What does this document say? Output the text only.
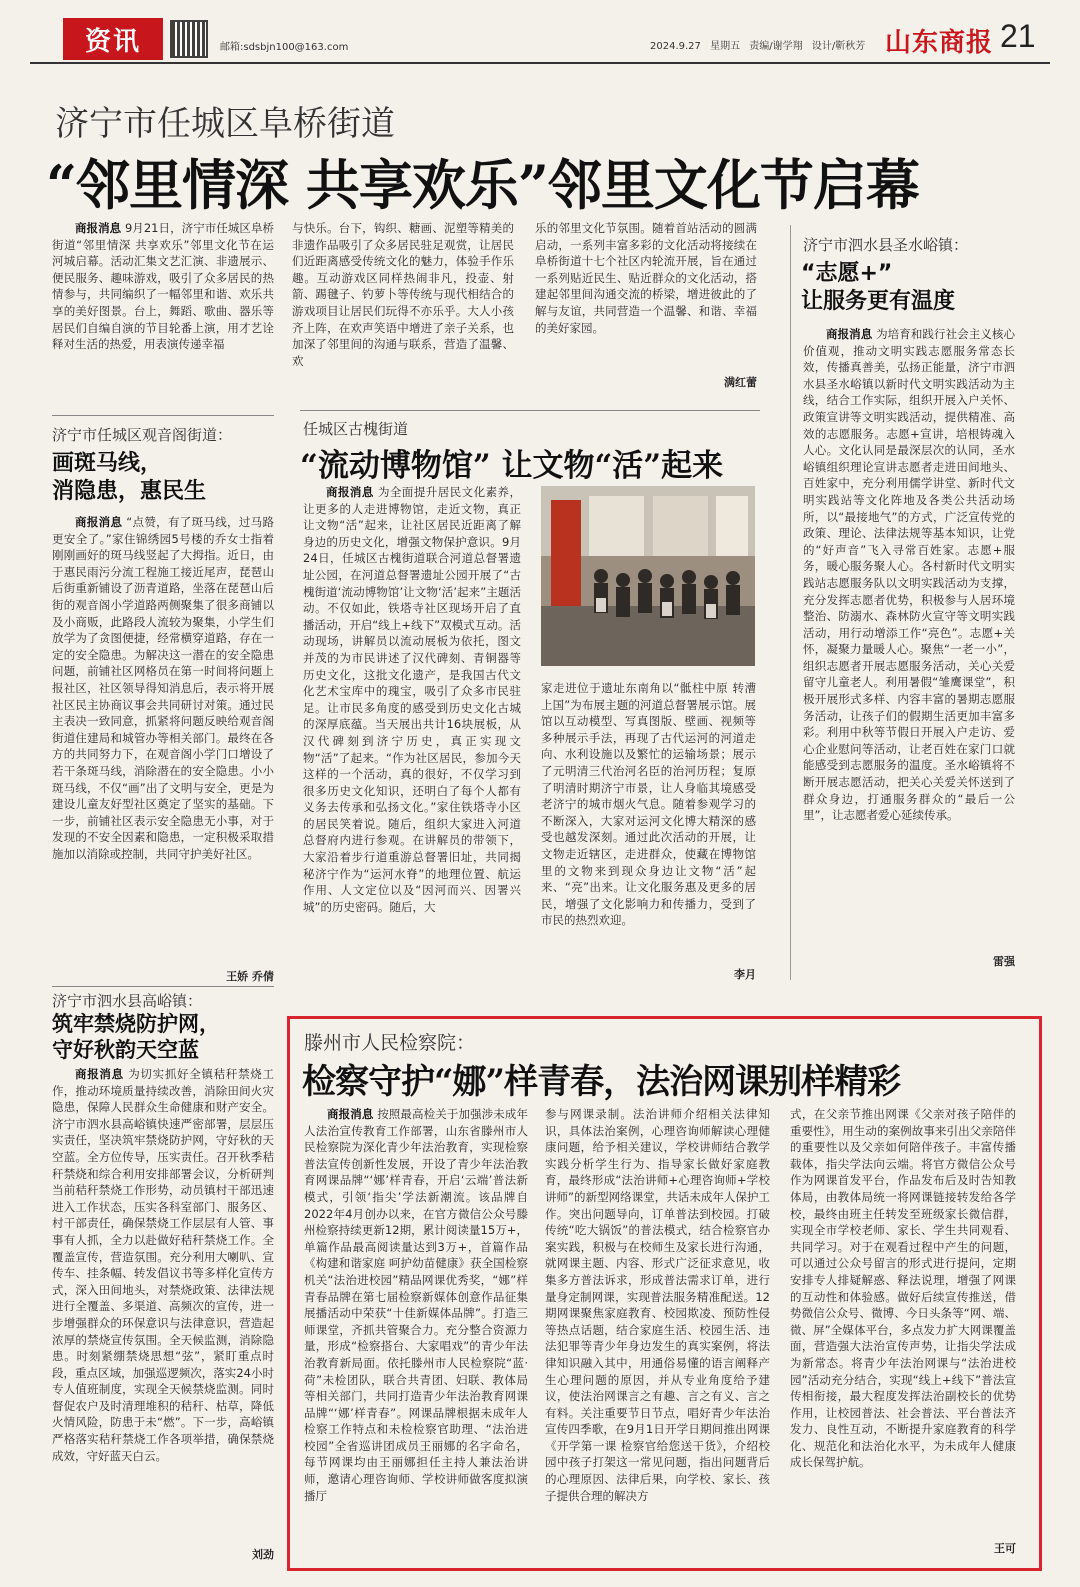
资讯	邮箱:sdsbjn100@163.com	2024.9.27 星期五 责编/谢学翔 设计/靳秋芳 山东商报 21
济宁市任城区阜桥街道
“邻里情深 共享欢乐”邻里文化节启幕

商报消息 9月21日，济宁市任城区阜桥街道“邻里情深 共享欢乐”邻里文化节在运河城启幕。活动汇集文艺汇演、非遗展示、便民服务、趣味游戏，吸引了众多居民的热情参与，共同编织了一幅邻里和谐、欢乐共享的美好图景。台上，舞蹈、歌曲、器乐等居民们自编自演的节目轮番上演，用才艺诠释对生活的热爱，用表演传递幸福

与快乐。台下，钩织、糖画、泥塑等精美的非遗作品吸引了众多居民驻足观赏，让居民们近距离感受传统文化的魅力，体验手作乐趣。互动游戏区同样热闹非凡，投壶、射箭、踢毽子、钓萝卜等传统与现代相结合的游戏项目让居民们玩得不亦乐乎。大人小孩齐上阵，在欢声笑语中增进了亲子关系，也加深了邻里间的沟通与联系，营造了温馨、欢
乐的邻里文化节氛围。随着首站活动的圆满启动，一系列丰富多彩的文化活动将接续在阜桥街道十七个社区内轮流开展，旨在通过一系列贴近民生、贴近群众的文化活动，搭建起邻里间沟通交流的桥梁，增进彼此的了解与友谊，共同营造一个温馨、和谐、幸福的美好家园。
满红蕾
济宁市泗水县圣水峪镇：
“志愿+”
让服务更有温度

商报消息 为培育和践行社会主义核心价值观，推动文明实践志愿服务常态长效，传播真善美，弘扬正能量，济宁市泗水县圣水峪镇以新时代文明实践活动为主线，结合工作实际，组织开展入户关怀、政策宣讲等文明实践活动，提供精准、高效的志愿服务。志愿+宣讲，培根铸魂入人心。文化认同是最深层次的认同，圣水峪镇组织理论宣讲志愿者走进田间地头、百姓家中，充分利用儒学讲堂、新时代文明实践站等文化阵地及各类公共活动场所，以“最接地气”的方式，广泛宣传党的政策、理论、法律法规等基本知识，让党的“好声音”飞入寻常百姓家。志愿+服务，暖心服务聚人心。各村新时代文明实践站志愿服务队以文明实践活动为支撑，充分发挥志愿者优势，积极参与人居环境整治、防溺水、森林防火宣守等文明实践活动，用行动增添工作“亮色”。志愿+关怀，凝聚力量暖人心。聚焦“一老一小”，组织志愿者开展志愿服务活动，关心关爱留守儿童老人。利用暑假“雏鹰课堂”，积极开展形式多样、内容丰富的暑期志愿服务活动，让孩子们的假期生活更加丰富多彩。利用中秋等节假日开展入户走访、爱心企业慰问等活动，让老百姓在家门口就能感受到志愿服务的温度。圣水峪镇将不断开展志愿活动，把关心关爱关怀送到了群众身边，打通服务群众的“最后一公里”，让志愿者爱心延续传承。

雷强
济宁市任城区观音阁街道：
画斑马线，
消隐患，惠民生

商报消息 “点赞，有了斑马线，过马路更安全了。”家住锦绣园5号楼的乔女士指着刚刚画好的斑马线竖起了大拇指。近日，由于惠民雨污分流工程施工接近尾声，琵琶山后街重新铺设了沥青道路，坐落在琵琶山后街的观音阁小学道路两侧聚集了很多商铺以及小商贩，此路段人流较为聚集，小学生们放学为了贪图便捷，经常横穿道路，存在一定的安全隐患。为解决这一潜在的安全隐患问题，前铺社区网格员在第一时间将问题上报社区，社区领导得知消息后，表示将开展社区民主协商议事会共同研讨对策。通过民主表决一致同意，抓紧将问题反映给观音阁街道住建局和城管办等相关部门。最终在各方的共同努力下，在观音阁小学门口增设了若干条斑马线，消除潜在的安全隐患。小小斑马线，不仅“画”出了文明与安全，更是为建设儿童友好型社区奠定了坚实的基础。下一步，前铺社区表示安全隐患无小事，对于发现的不安全因素和隐患，一定积极采取措施加以消除或控制，共同守护美好社区。

王娇 乔倩
任城区古槐街道
“流动博物馆” 让文物“活”起来

商报消息 为全面提升居民文化素养，让更多的人走进博物馆，走近文物，真正让文物“活”起来，让社区居民近距离了解身边的历史文化，增强文物保护意识。9月24日，任城区古槐街道联合河道总督署遗址公园，在河道总督署遗址公园开展了“古槐街道‘流动博物馆’让文物‘活’起来”主题活动。不仅如此，铁塔寺社区现场开启了直播活动，开启“线上+线下”双模式互动。活动现场，讲解员以流动展板为依托，图文并茂的为市民讲述了汉代碑刻、青铜器等历史文化，这批文化遗产，是我国古代文化艺术宝库中的瑰宝，吸引了众多市民驻足。让市民多角度的感受到历史文化古城的深厚底蕴。当天展出共计16块展板，从汉代碑刻到济宁历史，真正实现文物“活”了起来。“作为社区居民，参加今天这样的一个活动，真的很好，不仅学习到很多历史文化知识，还明白了每个人都有义务去传承和弘扬文化。”家住铁塔寺小区的居民笑着说。随后，组织大家进入河道总督府内进行参观。在讲解员的带领下，大家沿着步行道重游总督署旧址，共同揭秘济宁作为“运河水脊”的地理位置、航运作用、人文定位以及“因河而兴、因署兴城”的历史密码。随后，大

家走进位于遗址东南角以“骶柱中原 转漕上国”为布展主题的河道总督署展示馆。展馆以互动模型、写真图版、壁画、视频等多种展示手法，再现了古代运河的河道走向、水利设施以及繁忙的运输场景；展示了元明清三代治河名臣的治河历程；复原了明清时期济宁市景，让人身临其境感受老济宁的城市烟火气息。随着参观学习的不断深入，大家对运河文化博大精深的感受也越发深刻。通过此次活动的开展，让文物走近辖区，走进群众，使藏在博物馆里的文物来到现众身边让文物“活”起来、“亮”出来。让文化服务惠及更多的居民，增强了文化影响力和传播力，受到了市民的热烈欢迎。
李月
济宁市泗水县高峪镇：
筑牢禁烧防护网，
守好秋韵天空蓝

商报消息 为切实抓好全镇秸秆禁烧工作，推动环境质量持续改善，消除田间火灾隐患，保障人民群众生命健康和财产安全。济宁市泗水县高峪镇快速严密部署，层层压实责任，坚决筑牢禁烧防护网，守好秋的天空蓝。全方位传导，压实责任。召开秋季秸秆禁烧和综合利用安排部署会议，分析研判当前秸秆禁烧工作形势，动员镇村干部迅速进入工作状态，压实各科室部门、服务区、村干部责任，确保禁烧工作层层有人管、事事有人抓，全力以赴做好秸秆禁烧工作。全覆盖宣传，营造氛围。充分利用大喇叭、宣传车、挂条幅、转发倡议书等多样化宣传方式，深入田间地头，对禁烧政策、法律法规进行全覆盖、多渠道、高频次的宣传，进一步增强群众的环保意识与法律意识，营造起浓厚的禁烧宣传氛围。全天候监测，消除隐患。时刻紧绷禁烧思想“弦”，紧盯重点时段，重点区域，加强巡逻频次，落实24小时专人值班制度，实现全天候禁烧监测。同时督促农户及时清理堆积的秸秆、枯草，降低火情风险，防患于未“燃”。下一步，高峪镇严格落实秸秆禁烧工作各项举措，确保禁烧成效，守好蓝天白云。

刘劲
滕州市人民检察院：
检察守护“娜”样青春，法治网课别样精彩

商报消息 按照最高检关于加强涉未成年人法治宣传教育工作部署，山东省滕州市人民检察院为深化青少年法治教育，实现检察普法宣传创新性发展，开设了青少年法治教育网课品牌“‘娜’样青春，开启‘云端’普法新模式，引领‘指尖’学法新潮流。该品牌自2022年4月创办以来，在官方微信公众号滕州检察持续更新12期，累计阅读量15万+，单篇作品最高阅读量达到3万+，首篇作品《构建和谐家庭 呵护幼苗健康》获全国检察机关“法治进校园”精品网课优秀奖，“娜”样青春品牌在第七届检察新媒体创意作品征集展播活动中荣获“十佳新媒体品牌”。打造三师课堂，齐抓共管聚合力。充分整合资源力量，形成“检察搭台、大家唱戏”的青少年法治教育新局面。依托滕州市人民检察院“蓝·荷”未检团队，联合共青团、妇联、教体局等相关部门，共同打造青少年法治教育网课品牌“‘娜’样青春”。网课品牌根据未成年人检察工作特点和未检检察官助理、“法治进校园”全省巡讲团成员王丽娜的名字命名，每节网课均由王丽娜担任主持人兼法治讲师，邀请心理咨询师、学校讲师做客度拟演播厅

参与网课录制。法治讲师介绍相关法律知识，具体法治案例，心理咨询师解读心理健康问题，给予相关建议，学校讲师结合教学实践分析学生行为、指导家长做好家庭教育，最终形成“法治讲师+心理咨询师+学校讲师”的新型网络课堂，共话未成年人保护工作。突出问题导向，订单普法到校园。打破传统“吃大锅饭”的普法模式，结合检察官办案实践，积极与在校师生及家长进行沟通，就网课主题、内容、形式广泛征求意见，收集多方普法诉求，形成普法需求订单，进行量身定制网课，实现普法服务精准配送。12期网课聚焦家庭教育、校园欺凌、预防性侵等热点话题，结合家庭生活、校园生活、违法犯罪等青少年身边发生的真实案例，将法律知识融入其中，用通俗易懂的语言阐释产生心理问题的原因，并从专业角度给予建议，使法治网课言之有趣、言之有义、言之有料。关注重要节日节点，唱好青少年法治宣传四季歌，在9月1日开学日期间推出网课《开学第一课 检察官给您送干货》，介绍校园中孩子打架这一常见问题，指出问题背后的心理原因、法律后果，向学校、家长、孩子提供合理的解决方
式，在父亲节推出网课《父亲对孩子陪伴的重要性》，用生动的案例故事来引出父亲陪伴的重要性以及父亲如何陪伴孩子。丰富传播载体，指尖学法向云端。将官方微信公众号作为网课首发平台，作品发布后及时告知教体局，由教体局统一将网课链接转发给各学校，最终由班主任转发至班级家长微信群，实现全市学校老师、家长、学生共同观看、共同学习。对于在观看过程中产生的问题，可以通过公众号留言的形式进行提问，定期安排专人排疑解惑、释法说理，增强了网课的互动性和体验感。做好后续宣传推送，借势微信公众号、微博、今日头条等“网、端、微、屏”全媒体平台，多点发力扩大网课覆盖面，营造强大法治宣传声势，让指尖学法成为新常态。将青少年法治网课与“法治进校园”活动充分结合，实现“线上+线下”普法宣传相衔接，最大程度发挥法治副校长的优势作用，让校园普法、社会普法、平台普法齐发力、良性互动，不断提升家庭教育的科学化、规范化和法治化水平，为未成年人健康成长保驾护航。
王可
